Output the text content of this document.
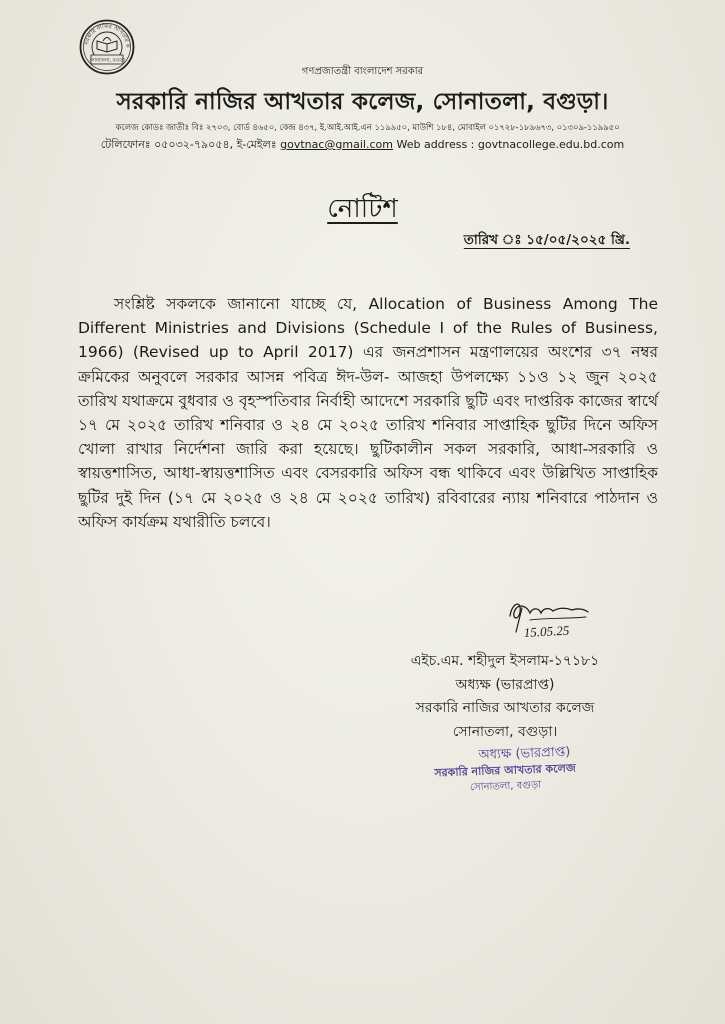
সরকারি নাজির আখতার ক
সোনাতলা, বগুড়া
গণপ্রজাতন্ত্রী বাংলাদেশ সরকার
সরকারি নাজির আখতার কলেজ, সোনাতলা, বগুড়া।
কলেজ কোডঃ জাতীঃ বিঃ ২৭০৩, বোর্ড ৪৬৫০, কেন্দ্র ৪৩৭, ই.আই.আই.এন ১১৯৯৫০, মাউশি ১৮৪, মোবাইল ০১৭২৮-১৮৯৬৭৩, ০১৩০৯-১১৯৯৫০
টেলিফোনঃ ০৫০৩২-৭৯০৫৪, ই-মেইলঃ govtnac@gmail.com Web address : govtnacollege.edu.bd.com
নোটিশ
তারিখ ঃ ১৫/০৫/২০২৫ খ্রি.
সংশ্লিষ্ট সকলকে জানানো যাচ্ছে যে, Allocation of Business Among The Different Ministries and Divisions (Schedule I of the Rules of Business, 1966) (Revised up to April 2017) এর জনপ্রশাসন মন্ত্রণালয়ের অংশের ৩৭ নম্বর ক্রমিকের অনুবলে সরকার আসন্ন পবিত্র ঈদ-উল- আজহা উপলক্ষ্যে ১১ও ১২ জুন ২০২৫ তারিখ যথাক্রমে বুধবার ও বৃহস্পতিবার নির্বাহী আদেশে সরকারি ছুটি এবং দাপ্তরিক কাজের স্বার্থে ১৭ মে ২০২৫ তারিখ শনিবার ও ২৪ মে ২০২৫ তারিখ শনিবার সাপ্তাহিক ছুটির দিনে অফিস খোলা রাখার নির্দেশনা জারি করা হয়েছে। ছুটিকালীন সকল সরকারি, আধা-সরকারি ও স্বায়ত্তশাসিত, আধা-স্বায়ত্তশাসিত এবং বেসরকারি অফিস বন্ধ থাকিবে এবং উল্লিখিত সাপ্তাহিক ছুটির দুই দিন (১৭ মে ২০২৫ ও ২৪ মে ২০২৫ তারিখ) রবিবারের ন্যায় শনিবারে পাঠদান ও অফিস কার্যক্রম যথারীতি চলবে।
15.05.25
এইচ.এম. শহীদুল ইসলাম-১৭১৮১
অধ্যক্ষ (ভারপ্রাপ্ত)
সরকারি নাজির আখতার কলেজ
সোনাতলা, বগুড়া।
অধ্যক্ষ (ভারপ্রাপ্ত)
সরকারি নাজির আখতার কলেজ
সোনাতলা, বগুড়া
